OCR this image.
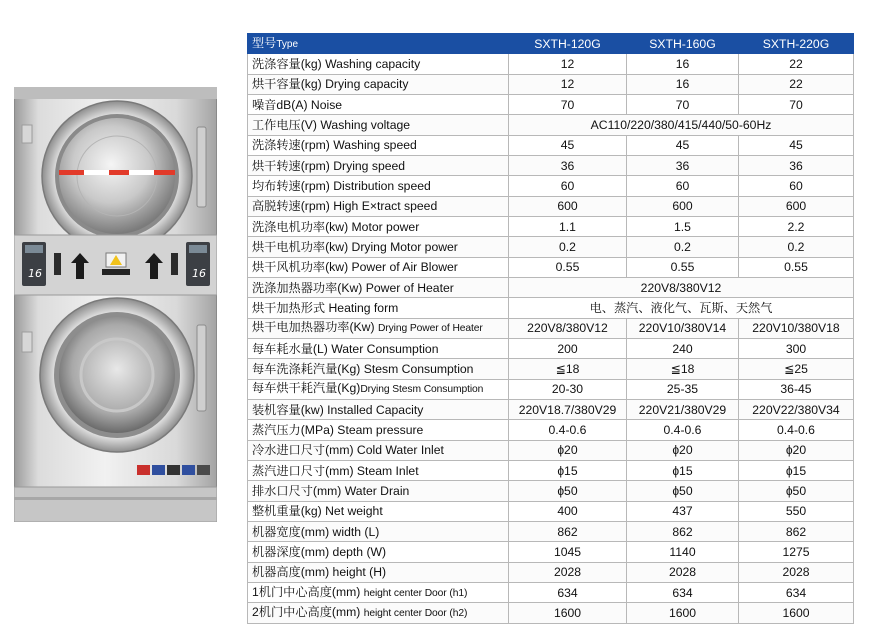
16	16
型号Type	SXTH-120G	SXTH-160G	SXTH-220G
洗涤容量(kg) Washing capacity	12	16	22
烘干容量(kg) Drying capacity	12	16	22
噪音dB(A) Noise	70	70	70
工作电压(V) Washing voltage	AC110/220/380/415/440/50-60Hz		
洗涤转速(rpm) Washing speed	45	45	45
烘干转速(rpm) Drying speed	36	36	36
均布转速(rpm) Distribution speed	60	60	60
高脱转速(rpm) High E×tract speed	600	600	600
洗涤电机功率(kw) Motor power	1.1	1.5	2.2
烘干电机功率(kw) Drying Motor power	0.2	0.2	0.2
烘干风机功率(kw) Power of Air Blower	0.55	0.55	0.55
洗涤加热器功率(Kw) Power of Heater	220V8/380V12		
烘干加热形式 Heating form	电、蒸汽、液化气、瓦斯、天然气		
烘干电加热器功率(Kw) Drying Power of Heater	220V8/380V12	220V10/380V14	220V10/380V18
每车耗水量(L) Water Consumption	200	240	300
每车洗涤耗汽量(Kg) Stesm Consumption	≦18	≦18	≦25
每车烘干耗汽量(Kg)Drying Stesm Consumption	20-30	25-35	36-45
装机容量(kw) Installed Capacity	220V18.7/380V29	220V21/380V29	220V22/380V34
蒸汽压力(MPa) Steam pressure	0.4-0.6	0.4-0.6	0.4-0.6
冷水进口尺寸(mm) Cold Water Inlet	ɸ20	ɸ20	ɸ20
蒸汽进口尺寸(mm) Steam Inlet	ɸ15	ɸ15	ɸ15
排水口尺寸(mm) Water Drain	ɸ50	ɸ50	ɸ50
整机重量(kg) Net weight	400	437	550
机器宽度(mm) width (L)	862	862	862
机器深度(mm) depth (W)	1045	1140	1275
机器高度(mm) height (H)	2028	2028	2028
1机门中心高度(mm) height center Door (h1)	634	634	634
2机门中心高度(mm) height center Door (h2)	1600	1600	1600
